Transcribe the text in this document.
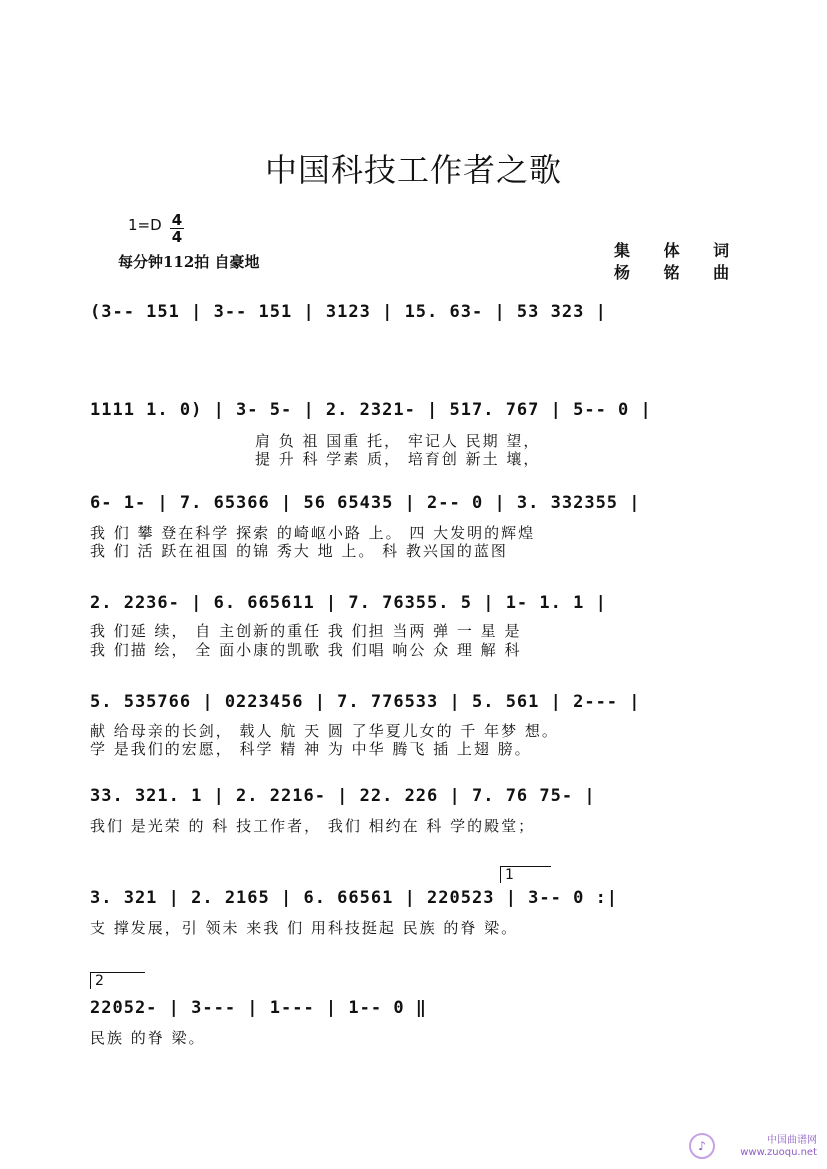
中国科技工作者之歌
$1=D \frac{4}{4}$
每分钟112拍 自豪地
集 体 词
杨 铭 曲
(3-- 151 | 3-- 151 | 3123 | 15. 63- | 53 323 |
1111 1. 0) | 3- 5- | 2. 2321- | 517. 767 | 5-- 0 |
肩 负 祖 国重 托， 牢记人 民期 望，
提 升 科 学素 质， 培育创 新土 壤，
6- 1- | 7. 65366 | 56 65435 | 2-- 0 | 3. 332355 |
我 们 攀 登在科学 探索 的崎岖小路 上。 四 大发明的辉煌
我 们 活 跃在祖国 的锦 秀大 地 上。 科 教兴国的蓝图
2. 2236- | 6. 665611 | 7. 76355. 5 | 1- 1. 1 |
我 们延 续， 自 主创新的重任 我 们担 当两 弹 一 星 是
我 们描 绘， 全 面小康的凯歌 我 们唱 响公 众 理 解 科
5. 535766 | 0223456 | 7. 776533 | 5. 561 | 2--- |
献 给母亲的长剑， 载人 航 天 圆 了华夏儿女的 千 年梦 想。
学 是我们的宏愿， 科学 精 神 为 中华 腾飞 插 上翅 膀。
33. 321. 1 | 2. 2216- | 22. 226 | 7. 76 75- |
我们 是光荣 的 科 技工作者， 我们 相约在 科 学的殿堂；
1
3. 321 | 2. 2165 | 6. 66561 | 220523 | 3-- 0 :|
支 撑发展，引 领未 来我 们 用科技挺起 民族 的脊 梁。
2
22052- | 3--- | 1--- | 1-- 0 ‖
民族 的脊 梁。
♪	中国曲谱网
www.zuoqu.net
